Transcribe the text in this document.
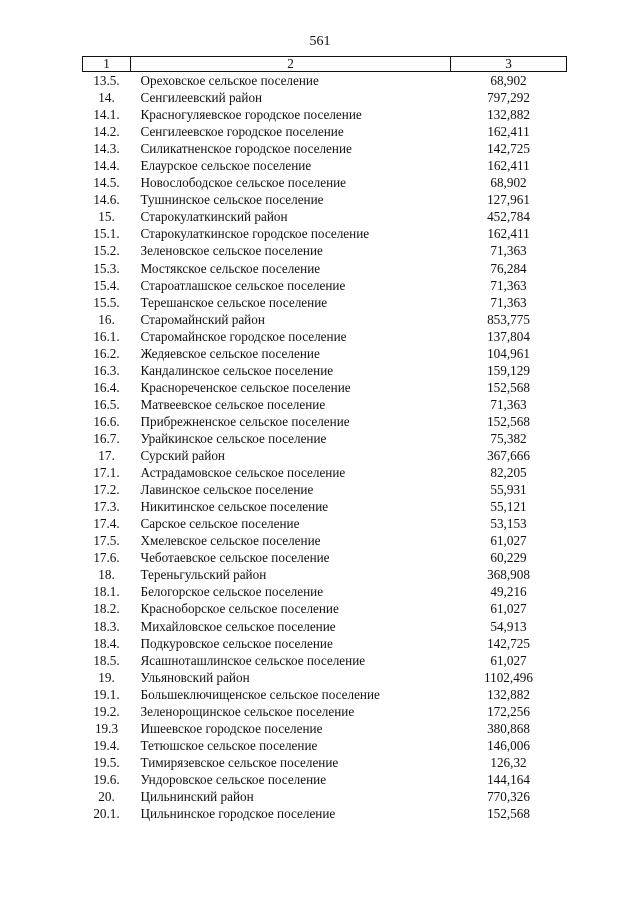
561
1	2	3
13.5.	Ореховское сельское поселение	68,902
14.	Сенгилеевский район	797,292
14.1.	Красногуляевское городское поселение	132,882
14.2.	Сенгилеевское городское поселение	162,411
14.3.	Силикатненское городское поселение	142,725
14.4.	Елаурское сельское поселение	162,411
14.5.	Новослободское сельское поселение	68,902
14.6.	Тушнинское сельское поселение	127,961
15.	Старокулаткинский район	452,784
15.1.	Старокулаткинское городское поселение	162,411
15.2.	Зеленовское сельское поселение	71,363
15.3.	Мостякское сельское поселение	76,284
15.4.	Староатлашское сельское поселение	71,363
15.5.	Терешанское сельское поселение	71,363
16.	Старомайнский район	853,775
16.1.	Старомайнское городское поселение	137,804
16.2.	Жедяевское сельское поселение	104,961
16.3.	Кандалинское сельское поселение	159,129
16.4.	Краснореченское сельское поселение	152,568
16.5.	Матвеевское сельское поселение	71,363
16.6.	Прибрежненское сельское поселение	152,568
16.7.	Урайкинское сельское поселение	75,382
17.	Сурский район	367,666
17.1.	Астрадамовское сельское поселение	82,205
17.2.	Лавинское сельское поселение	55,931
17.3.	Никитинское сельское поселение	55,121
17.4.	Сарское сельское поселение	53,153
17.5.	Хмелевское сельское поселение	61,027
17.6.	Чеботаевское сельское поселение	60,229
18.	Тереньгульский район	368,908
18.1.	Белогорское сельское поселение	49,216
18.2.	Красноборское сельское поселение	61,027
18.3.	Михайловское сельское поселение	54,913
18.4.	Подкуровское сельское поселение	142,725
18.5.	Ясашноташлинское сельское поселение	61,027
19.	Ульяновский район	1102,496
19.1.	Большеключищенское сельское поселение	132,882
19.2.	Зеленорощинское сельское поселение	172,256
19.3	Ишеевское городское поселение	380,868
19.4.	Тетюшское сельское поселение	146,006
19.5.	Тимирязевское сельское поселение	126,32
19.6.	Ундоровское сельское поселение	144,164
20.	Цильнинский район	770,326
20.1.	Цильнинское городское поселение	152,568
